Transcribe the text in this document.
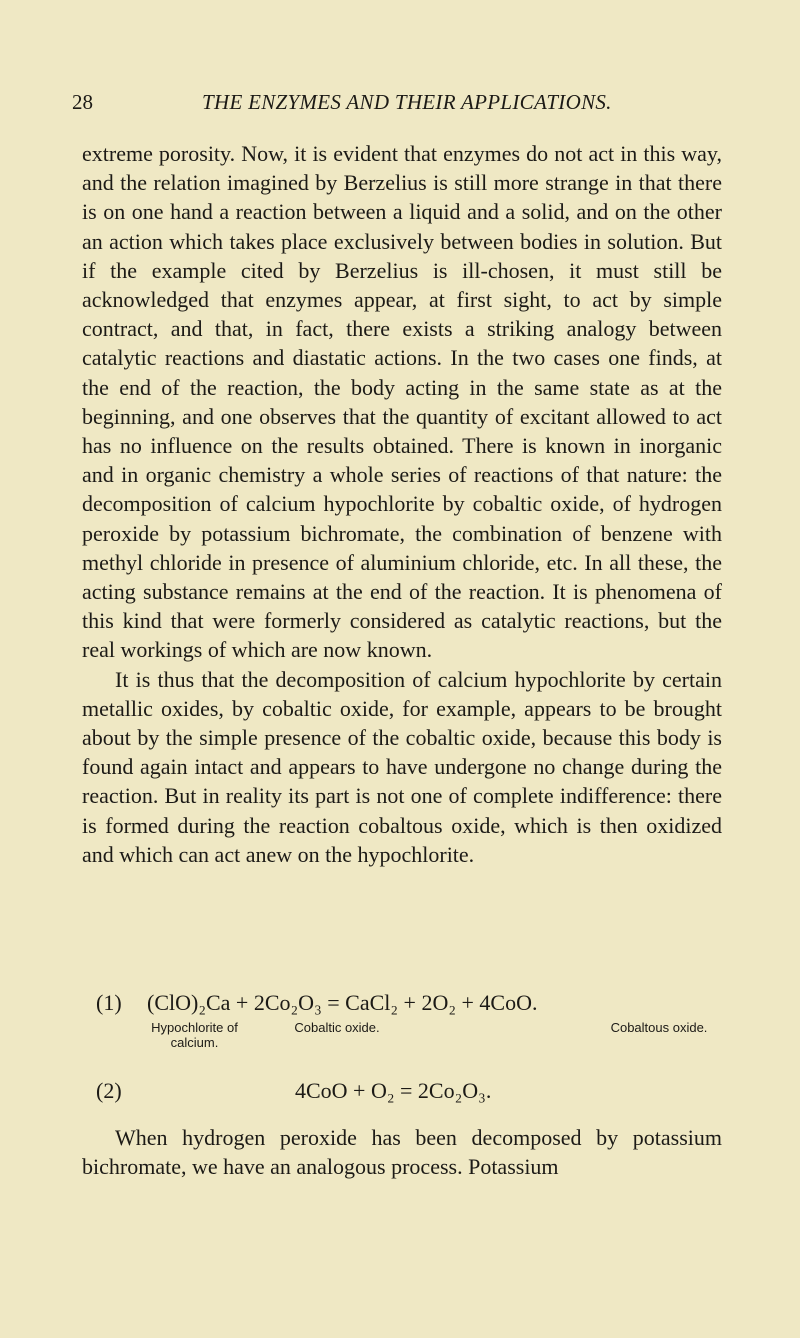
28	THE ENZYMES AND THEIR APPLICATIONS.

extreme porosity. Now, it is evident that enzymes do not act in this way, and the relation imagined by Berzelius is still more strange in that there is on one hand a reaction between a liquid and a solid, and on the other an action which takes place exclusively between bodies in solution. But if the example cited by Berzelius is ill-chosen, it must still be acknowledged that enzymes appear, at first sight, to act by simple contract, and that, in fact, there exists a striking analogy between catalytic reactions and diastatic actions. In the two cases one finds, at the end of the reaction, the body acting in the same state as at the beginning, and one observes that the quantity of excitant allowed to act has no influence on the results obtained. There is known in inorganic and in organic chemistry a whole series of reactions of that nature: the decomposition of calcium hypochlorite by cobaltic oxide, of hydrogen peroxide by potassium bichromate, the combination of benzene with methyl chloride in presence of aluminium chloride, etc. In all these, the acting substance remains at the end of the reaction. It is phenomena of this kind that were formerly considered as catalytic reactions, but the real workings of which are now known.

It is thus that the decomposition of calcium hypochlorite by certain metallic oxides, by cobaltic oxide, for example, appears to be brought about by the simple presence of the cobaltic oxide, because this body is found again intact and appears to have undergone no change during the reaction. But in reality its part is not one of complete indifference: there is formed during the reaction cobaltous oxide, which is then oxidized and which can act anew on the hypochlorite.

(1) (ClO)₂Ca + 2Co₂O₃ = CaCl₂ + 2O₂ + 4CoO.
Hypochlorite of calcium.
Cobaltic oxide.	Cobaltous oxide.
(2)	4CoO + O₂ = 2Co₂O₃.

When hydrogen peroxide has been decomposed by potassium bichromate, we have an analogous process. Potassium
